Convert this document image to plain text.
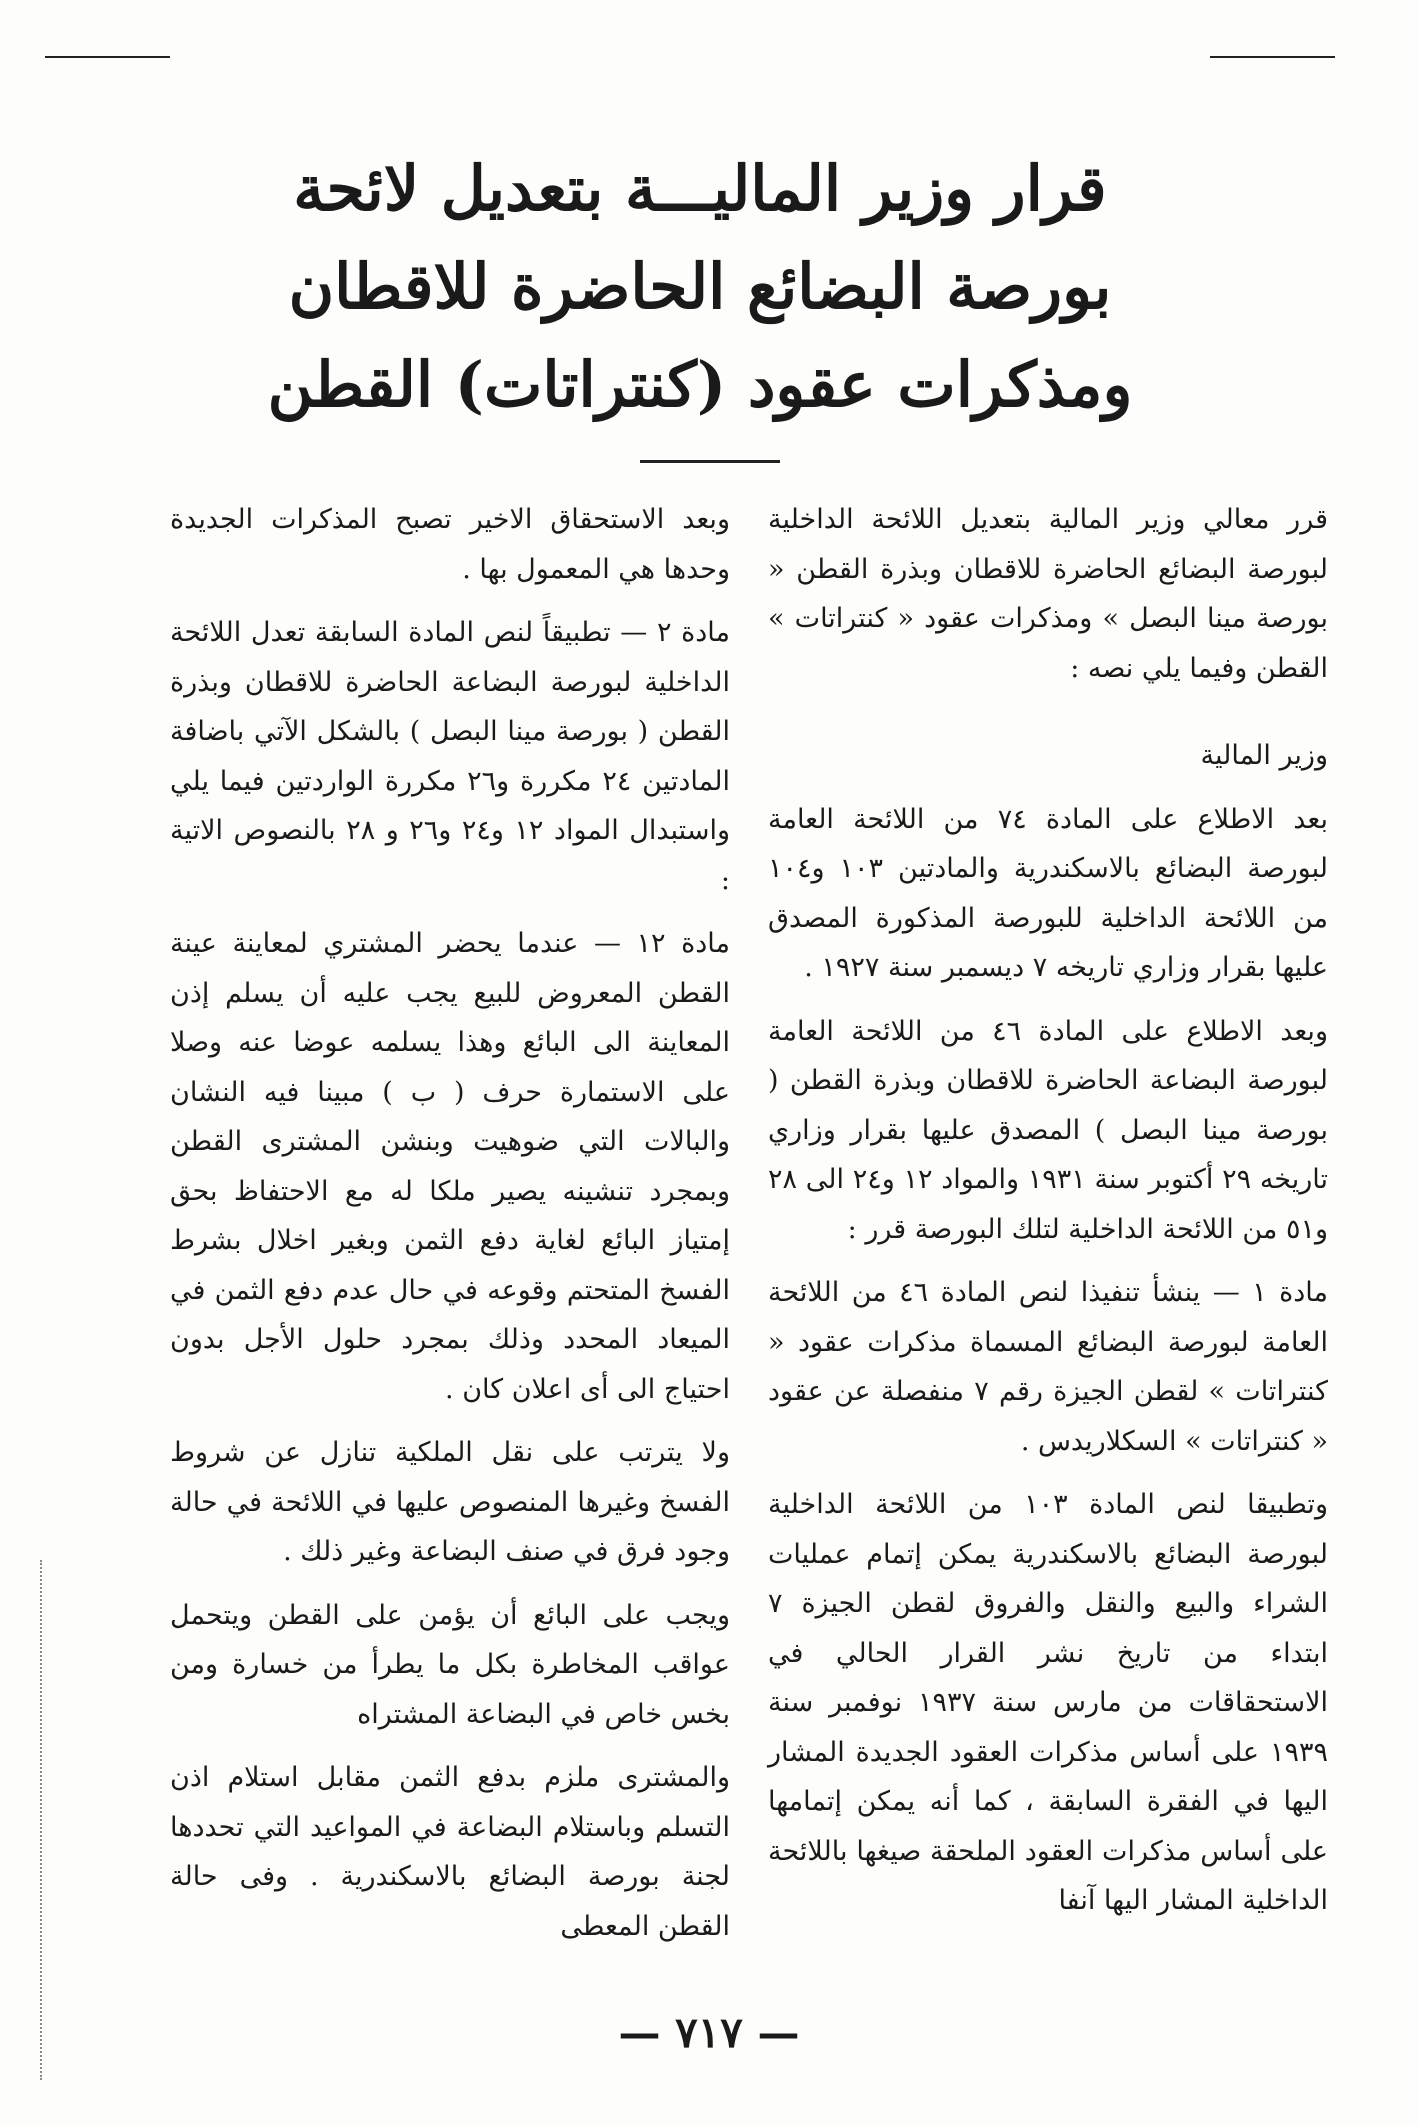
قرار وزير الماليـــة بتعديل لائحة
بورصة البضائع الحاضرة للاقطان
ومذكرات عقود (كنتراتات) القطن

قرر معالي وزير المالية بتعديل اللائحة الداخلية لبورصة البضائع الحاضرة للاقطان وبذرة القطن « بورصة مينا البصل » ومذكرات عقود « كنتراتات » القطن وفيما يلي نصه :

وزير المالية

بعد الاطلاع على المادة ٧٤ من اللائحة العامة لبورصة البضائع بالاسكندرية والمادتين ١٠٣ و١٠٤ من اللائحة الداخلية للبورصة المذكورة المصدق عليها بقرار وزاري تاريخه ٧ ديسمبر سنة ١٩٢٧ .

وبعد الاطلاع على المادة ٤٦ من اللائحة العامة لبورصة البضاعة الحاضرة للاقطان وبذرة القطن ( بورصة مينا البصل ) المصدق عليها بقرار وزاري تاريخه ٢٩ أكتوبر سنة ١٩٣١ والمواد ١٢ و٢٤ الى ٢٨ و٥١ من اللائحة الداخلية لتلك البورصة قرر :

مادة ١ — ينشأ تنفيذا لنص المادة ٤٦ من اللائحة العامة لبورصة البضائع المسماة مذكرات عقود « كنتراتات » لقطن الجيزة رقم ٧ منفصلة عن عقود « كنتراتات » السكلاريدس .

وتطبيقا لنص المادة ١٠٣ من اللائحة الداخلية لبورصة البضائع بالاسكندرية يمكن إتمام عمليات الشراء والبيع والنقل والفروق لقطن الجيزة ٧ ابتداء من تاريخ نشر القرار الحالي في الاستحقاقات من مارس سنة ١٩٣٧ نوفمبر سنة ١٩٣٩ على أساس مذكرات العقود الجديدة المشار اليها في الفقرة السابقة ، كما أنه يمكن إتمامها على أساس مذكرات العقود الملحقة صيغها باللائحة الداخلية المشار اليها آنفا

وبعد الاستحقاق الاخير تصبح المذكرات الجديدة وحدها هي المعمول بها .

مادة ٢ — تطبيقاً لنص المادة السابقة تعدل اللائحة الداخلية لبورصة البضاعة الحاضرة للاقطان وبذرة القطن ( بورصة مينا البصل ) بالشكل الآتي باضافة المادتين ٢٤ مكررة و٢٦ مكررة الواردتين فيما يلي واستبدال المواد ١٢ و٢٤ و٢٦ و ٢٨ بالنصوص الاتية :

مادة ١٢ — عندما يحضر المشتري لمعاينة عينة القطن المعروض للبيع يجب عليه أن يسلم إذن المعاينة الى البائع وهذا يسلمه عوضا عنه وصلا على الاستمارة حرف ( ب ) مبينا فيه النشان والبالات التي ضوهيت وبنشن المشترى القطن وبمجرد تنشينه يصير ملكا له مع الاحتفاظ بحق إمتياز البائع لغاية دفع الثمن وبغير اخلال بشرط الفسخ المتحتم وقوعه في حال عدم دفع الثمن في الميعاد المحدد وذلك بمجرد حلول الأجل بدون احتياج الى أى اعلان كان .

ولا يترتب على نقل الملكية تنازل عن شروط الفسخ وغيرها المنصوص عليها في اللائحة في حالة وجود فرق في صنف البضاعة وغير ذلك .

ويجب على البائع أن يؤمن على القطن ويتحمل عواقب المخاطرة بكل ما يطرأ من خسارة ومن بخس خاص في البضاعة المشتراه

والمشترى ملزم بدفع الثمن مقابل استلام اذن التسلم وباستلام البضاعة في المواعيد التي تحددها لجنة بورصة البضائع بالاسكندرية . وفى حالة القطن المعطى

— ٧١٧ —
